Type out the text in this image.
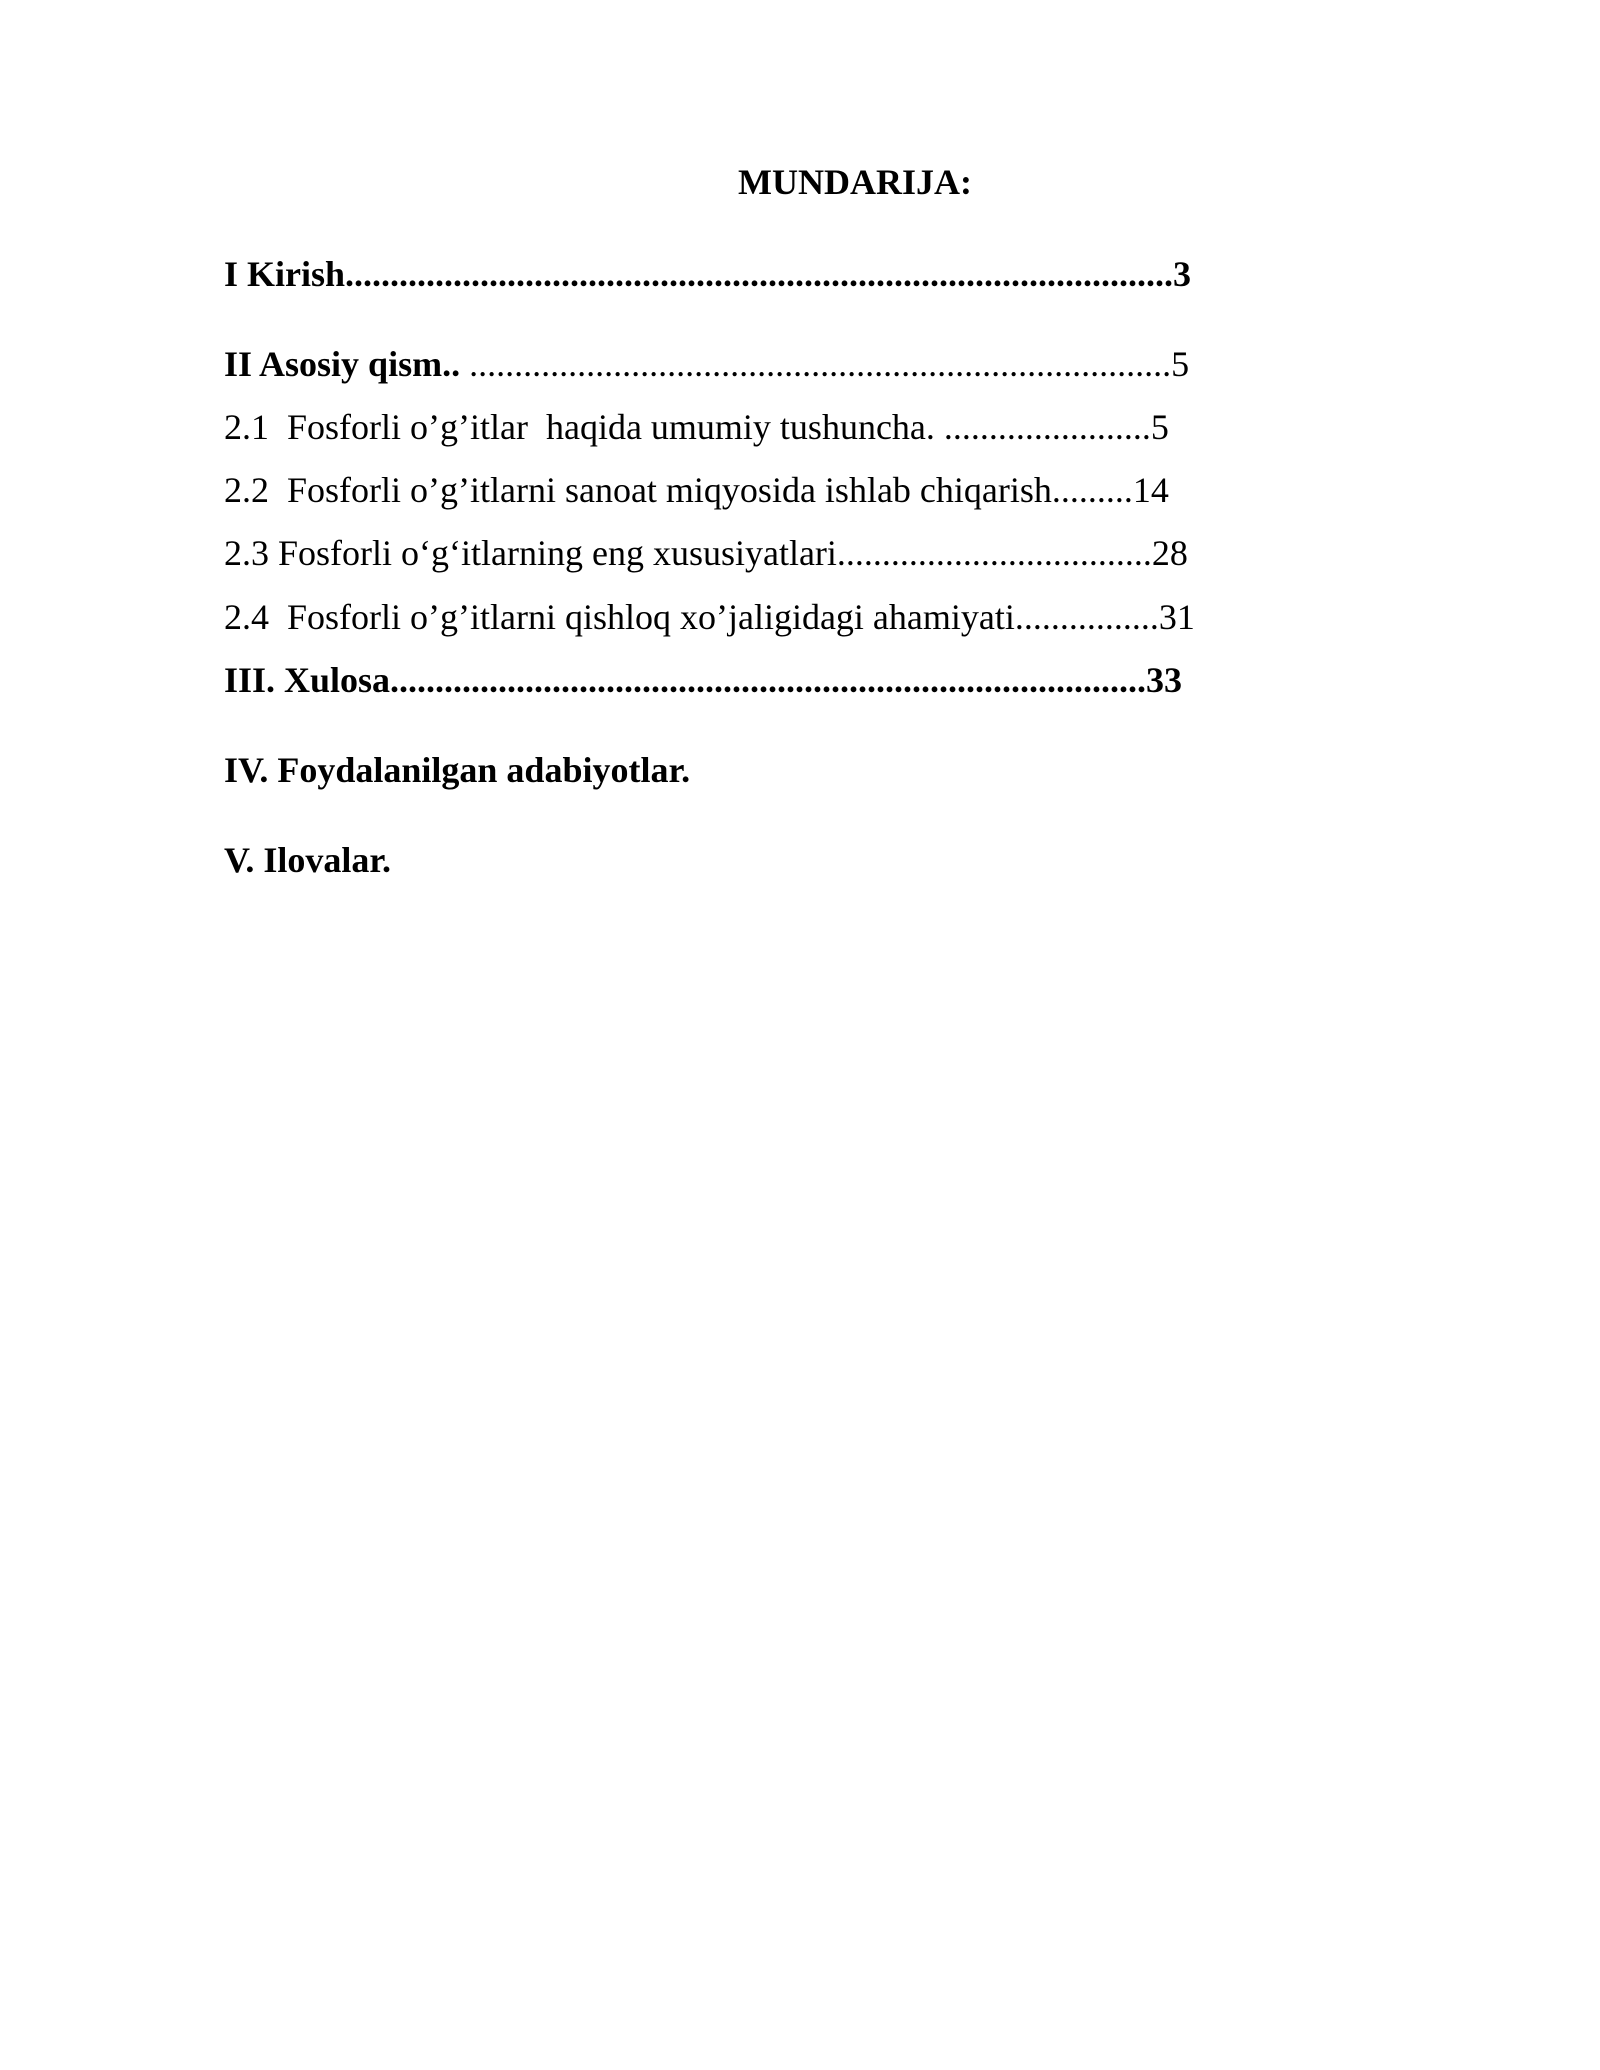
MUNDARIJA:
I Kirish............................................................................................3
II Asosiy qism.. ..............................................................................5
2.1  Fosforli o’g’itlar  haqida umumiy tushuncha. .......................5
2.2  Fosforli o’g’itlarni sanoat miqyosida ishlab chiqarish.........14
2.3 Fosforli o‘g‘itlarning eng xususiyatlari...................................28
2.4  Fosforli o’g’itlarni qishloq xo’jaligidagi ahamiyati................31
III. Xulosa....................................................................................33
IV. Foydalanilgan adabiyotlar.
V. Ilovalar.
